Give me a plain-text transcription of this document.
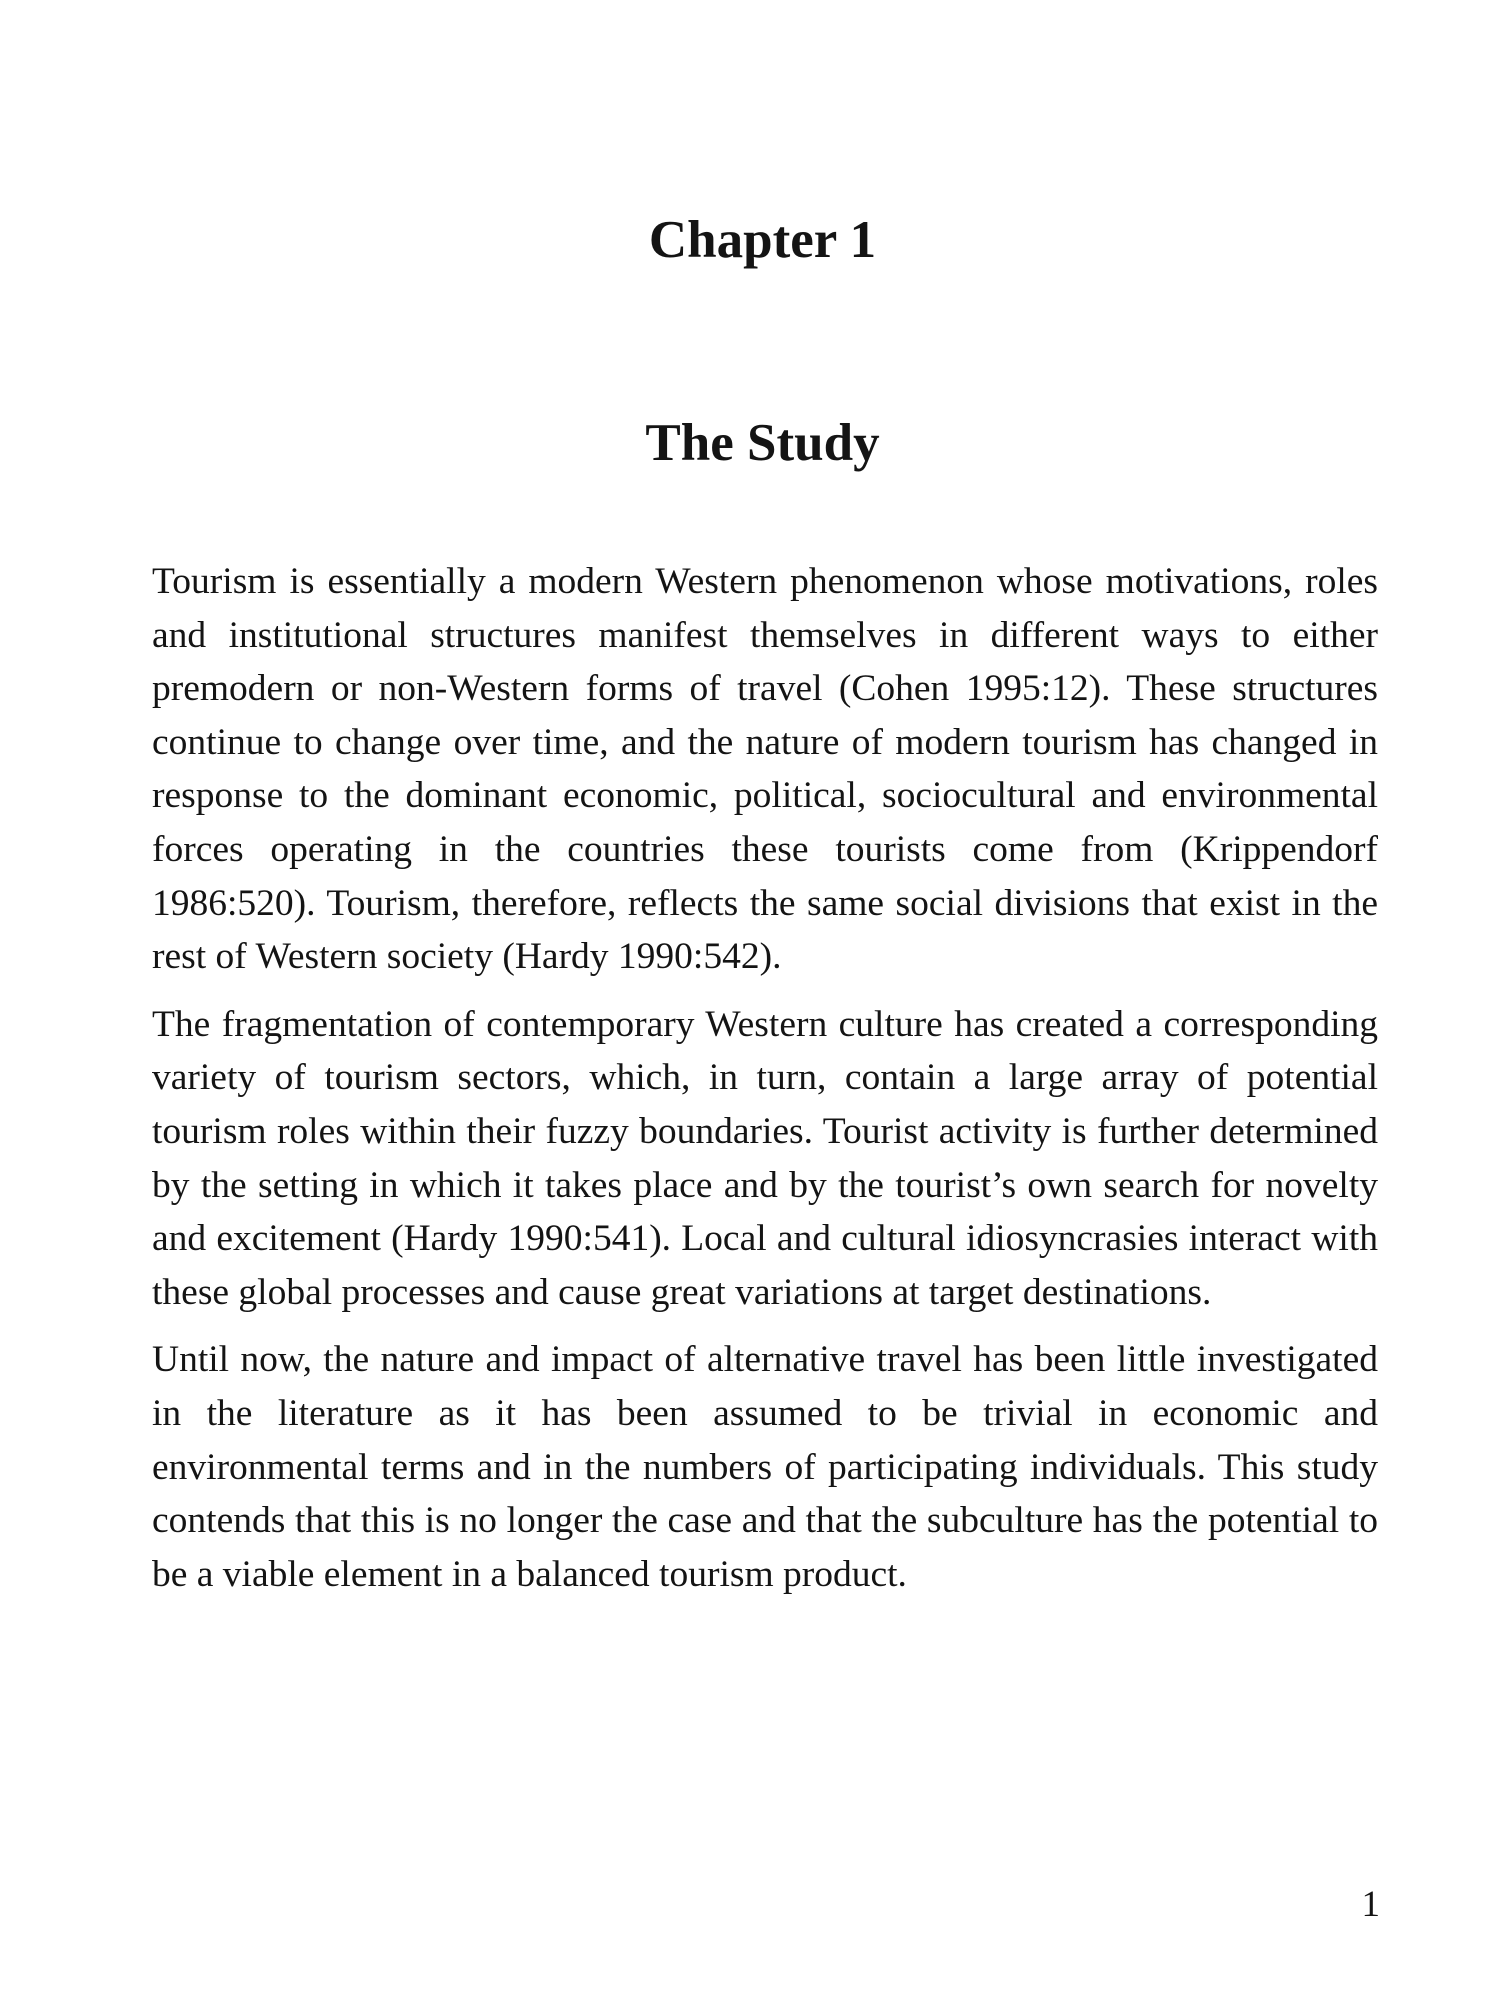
Chapter 1
The Study

Tourism is essentially a modern Western phenomenon whose motivations, roles and institutional structures manifest themselves in different ways to either premodern or non-Western forms of travel (Cohen 1995:12). These structures continue to change over time, and the nature of modern tourism has changed in response to the dominant economic, political, sociocultural and environmental forces operating in the countries these tourists come from (Krippendorf 1986:520). Tourism, therefore, reflects the same social divisions that exist in the rest of Western society (Hardy 1990:542).

The fragmentation of contemporary Western culture has created a corresponding variety of tourism sectors, which, in turn, contain a large array of potential tourism roles within their fuzzy boundaries. Tourist activity is further determined by the setting in which it takes place and by the tourist’s own search for novelty and excitement (Hardy 1990:541). Local and cultural idiosyncrasies interact with these global processes and cause great variations at target destinations.

Until now, the nature and impact of alternative travel has been little investigated in the literature as it has been assumed to be trivial in economic and environmental terms and in the numbers of participating individuals. This study contends that this is no longer the case and that the subculture has the potential to be a viable element in a balanced tourism product.

1
